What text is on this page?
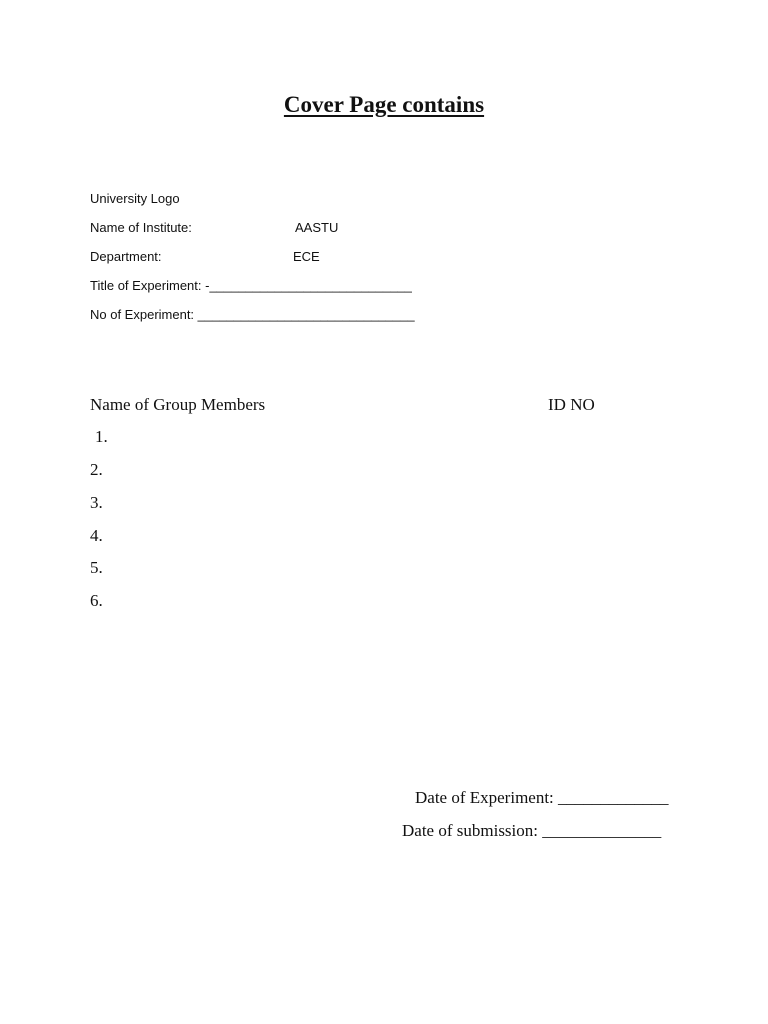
Cover Page contains
University Logo
Name of Institute:	AASTU
Department:	ECE
Title of Experiment: -____________________________
No of Experiment: ______________________________
Name of Group Members	ID NO
1.
2.
3.
4.
5.
6.
Date of Experiment: _____________
Date of submission: ______________
